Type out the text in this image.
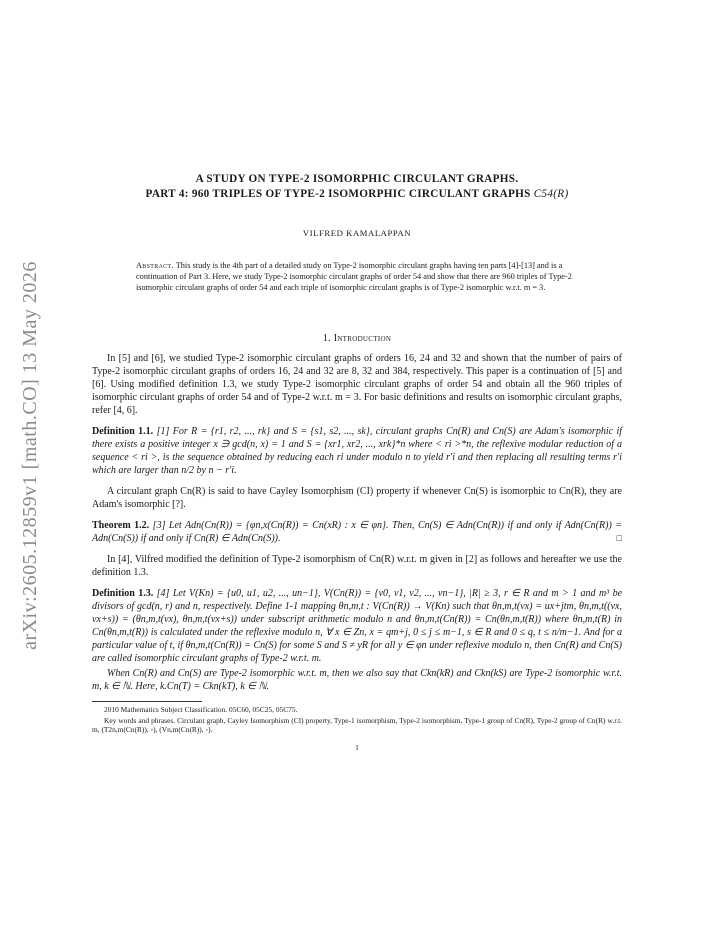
arXiv:2605.12859v1 [math.CO] 13 May 2026

A STUDY ON TYPE-2 ISOMORPHIC CIRCULANT GRAPHS.

PART 4: 960 TRIPLES OF TYPE-2 ISOMORPHIC CIRCULANT GRAPHS C54(R)

VILFRED KAMALAPPAN
Abstract. This study is the 4th part of a detailed study on Type-2 isomorphic circulant graphs having ten parts [4]-[13] and is a continuation of Part 3. Here, we study Type-2 isomorphic circulant graphs of order 54 and show that there are 960 triples of Type-2 isomorphic circulant graphs of order 54 and each triple of isomorphic circulant graphs is of Type-2 isomorphic w.r.t. m = 3.
1. Introduction

In [5] and [6], we studied Type-2 isomorphic circulant graphs of orders 16, 24 and 32 and shown that the number of pairs of Type-2 isomorphic circulant graphs of orders 16, 24 and 32 are 8, 32 and 384, respectively. This paper is a continuation of [5] and [6]. Using modified definition 1.3, we study Type-2 isomorphic circulant graphs of order 54 and obtain all the 960 triples of isomorphic circulant graphs of order 54 and of Type-2 w.r.t. m = 3. For basic definitions and results on isomorphic circulant graphs, refer [4, 6].

Definition 1.1. [1] For R = {r1, r2, ..., rk} and S = {s1, s2, ..., sk}, circulant graphs Cn(R) and Cn(S) are Adam's isomorphic if there exists a positive integer x ∋ gcd(n, x) = 1 and S = {xr1, xr2, ..., xrk}*n where < ri >*n, the reflexive modular reduction of a sequence < ri >, is the sequence obtained by reducing each ri under modulo n to yield r′i and then replacing all resulting terms r′i which are larger than n/2 by n − r′i.

A circulant graph Cn(R) is said to have Cayley Isomorphism (CI) property if whenever Cn(S) is isomorphic to Cn(R), they are Adam's isomorphic [?].

Theorem 1.2. [3] Let Adn(Cn(R)) = {φn,x(Cn(R)) = Cn(xR) : x ∈ φn}. Then, Cn(S) ∈ Adn(Cn(R)) if and only if Adn(Cn(R)) = Adn(Cn(S)) if and only if Cn(R) ∈ Adn(Cn(S)).	□

In [4], Vilfred modified the definition of Type-2 isomorphism of Cn(R) w.r.t. m given in [2] as follows and hereafter we use the definition 1.3.

Definition 1.3. [4] Let V(Kn) = {u0, u1, u2, ..., un−1}, V(Cn(R)) = {v0, v1, v2, ..., vn−1}, |R| ≥ 3, r ∈ R and m > 1 and m³ be divisors of gcd(n, r) and n, respectively. Define 1-1 mapping θn,m,t : V(Cn(R)) → V(Kn) such that θn,m,t(vx) = ux+jtm, θn,m,t((vx, vx+s)) = (θn,m,t(vx), θn,m,t(vx+s)) under subscript arithmetic modulo n and θn,m,t(Cn(R)) = Cn(θn,m,t(R)) where θn,m,t(R) in Cn(θn,m,t(R)) is calculated under the reflexive modulo n, ∀ x ∈ Zn, x = qm+j, 0 ≤ j ≤ m−1, s ∈ R and 0 ≤ q, t ≤ n/m−1. And for a particular value of t, if θn,m,t(Cn(R)) = Cn(S) for some S and S ≠ yR for all y ∈ φn under reflexive modulo n, then Cn(R) and Cn(S) are called isomorphic circulant graphs of Type-2 w.r.t. m.

When Cn(R) and Cn(S) are Type-2 isomorphic w.r.t. m, then we also say that Ckn(kR) and Ckn(kS) are Type-2 isomorphic w.r.t. m, k ∈ ℕ. Here, k.Cn(T) = Ckn(kT), k ∈ ℕ.

2010 Mathematics Subject Classification. 05C60, 05C25, 05C75.

Key words and phrases. Circulant graph, Cayley Isomorphism (CI) property, Type-1 isomorphism, Type-2 isomorphism, Type-1 group of Cn(R), Type-2 group of Cn(R) w.r.t. m, (T2n,m(Cn(R)), ◦), (Vn,m(Cn(R)), ◦).

1
